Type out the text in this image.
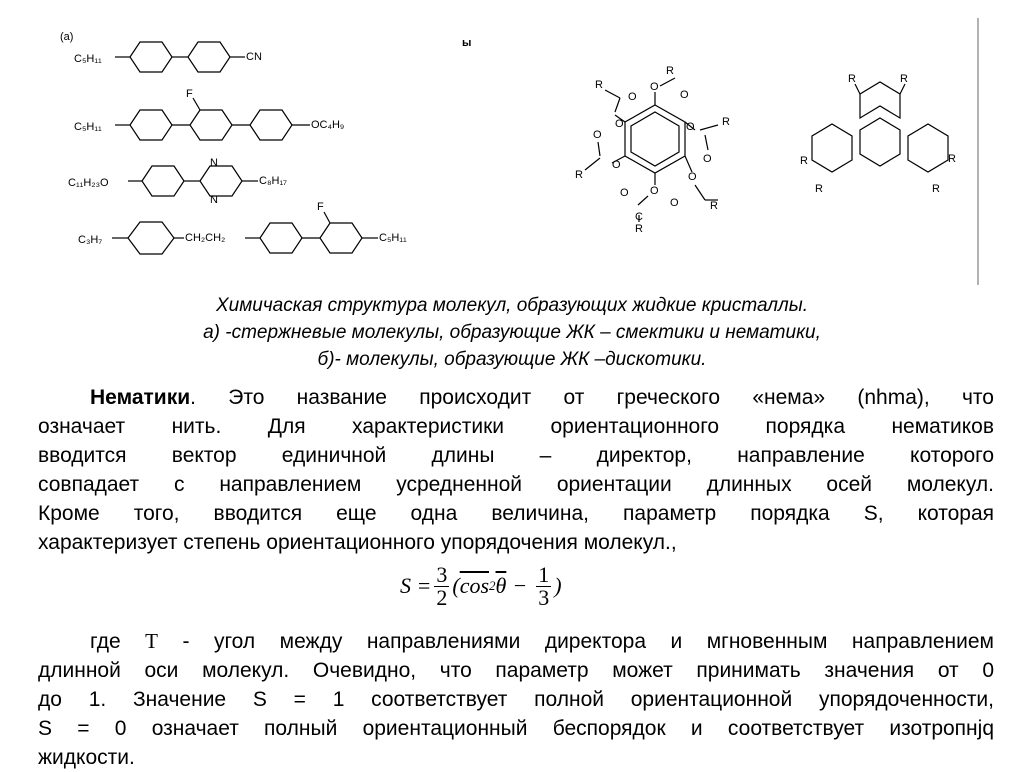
(a)	ы
C₅H₁₁	CN
C₅H₁₁
F
OC₄H₉
C₁₁H₂₃O
N
N
C₈H₁₇
C₃H₇	CH₂CH₂
F
C₅H₁₁
O
R
O
O
R
O
O R
O
O
R
O
O
O
C
R
O
R
O
R	R
R
R
R
R
Химичаская структура молекул, образующих жидкие кристаллы.
а) -стержневые молекулы, образующие ЖК – смектики и нематики,
б)- молекулы, образующие ЖК –дискотики.
Нематики. Это название происходит от греческого «нема» (nhma), что
означает нить. Для характеристики ориентационного порядка нематиков
вводится вектор единичной длины – директор, направление которого
совпадает с направлением усредненной ориентации длинных осей молекул.
Кроме того, вводится еще одна величина, параметр порядка S, которая
характеризует степень ориентационного упорядочения молекул.,
$S = \frac{3}{2}$ ( $\overline{cos}$ 2 $\overline{\theta} - \frac{1}{3}$ )
где Т - угол между направлениями директора и мгновенным направлением
длинной оси молекул. Очевидно, что параметр может принимать значения от 0
до 1. Значение S = 1 соответствует полной ориентационной упорядоченности,
S = 0 означает полный ориентационный беспорядок и соответствует изотропнјq
жидкости.
